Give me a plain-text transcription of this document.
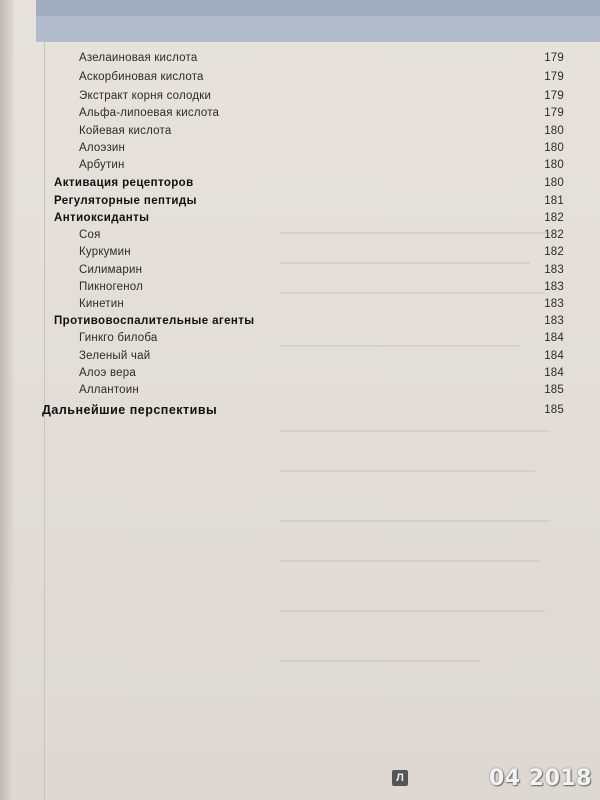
Азелаиновая кислота	179
Аскорбиновая кислота	179
Экстракт корня солодки	179
Альфа-липоевая кислота	179
Койевая кислота	180
Алоэзин	180
Арбутин	180
Активация рецепторов	180
Регуляторные пептиды	181
Антиоксиданты	182
Соя	182
Куркумин	182
Силимарин	183
Пикногенол	183
Кинетин	183
Противовоспалительные агенты	183
Гинкго билоба	184
Зеленый чай	184
Алоэ вера	184
Аллантоин	185
Дальнейшие перспективы	185
Л	04 2018
